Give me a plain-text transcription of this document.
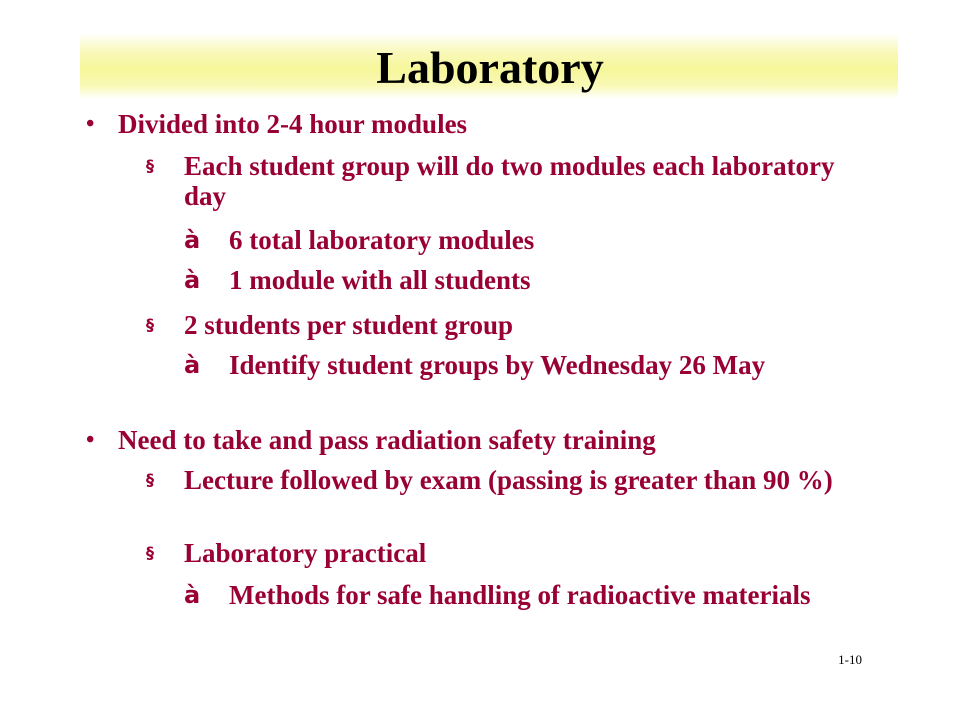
Laboratory
• Divided into 2-4 hour modules
§ Each student group will do two modules each laboratory day
à 6 total laboratory modules
à 1 module with all students
§ 2 students per student group
à Identify student groups by Wednesday 26 May
• Need to take and pass radiation safety training
§ Lecture followed by exam (passing is greater than 90 %)
§ Laboratory practical
à Methods for safe handling of radioactive materials
1-10
